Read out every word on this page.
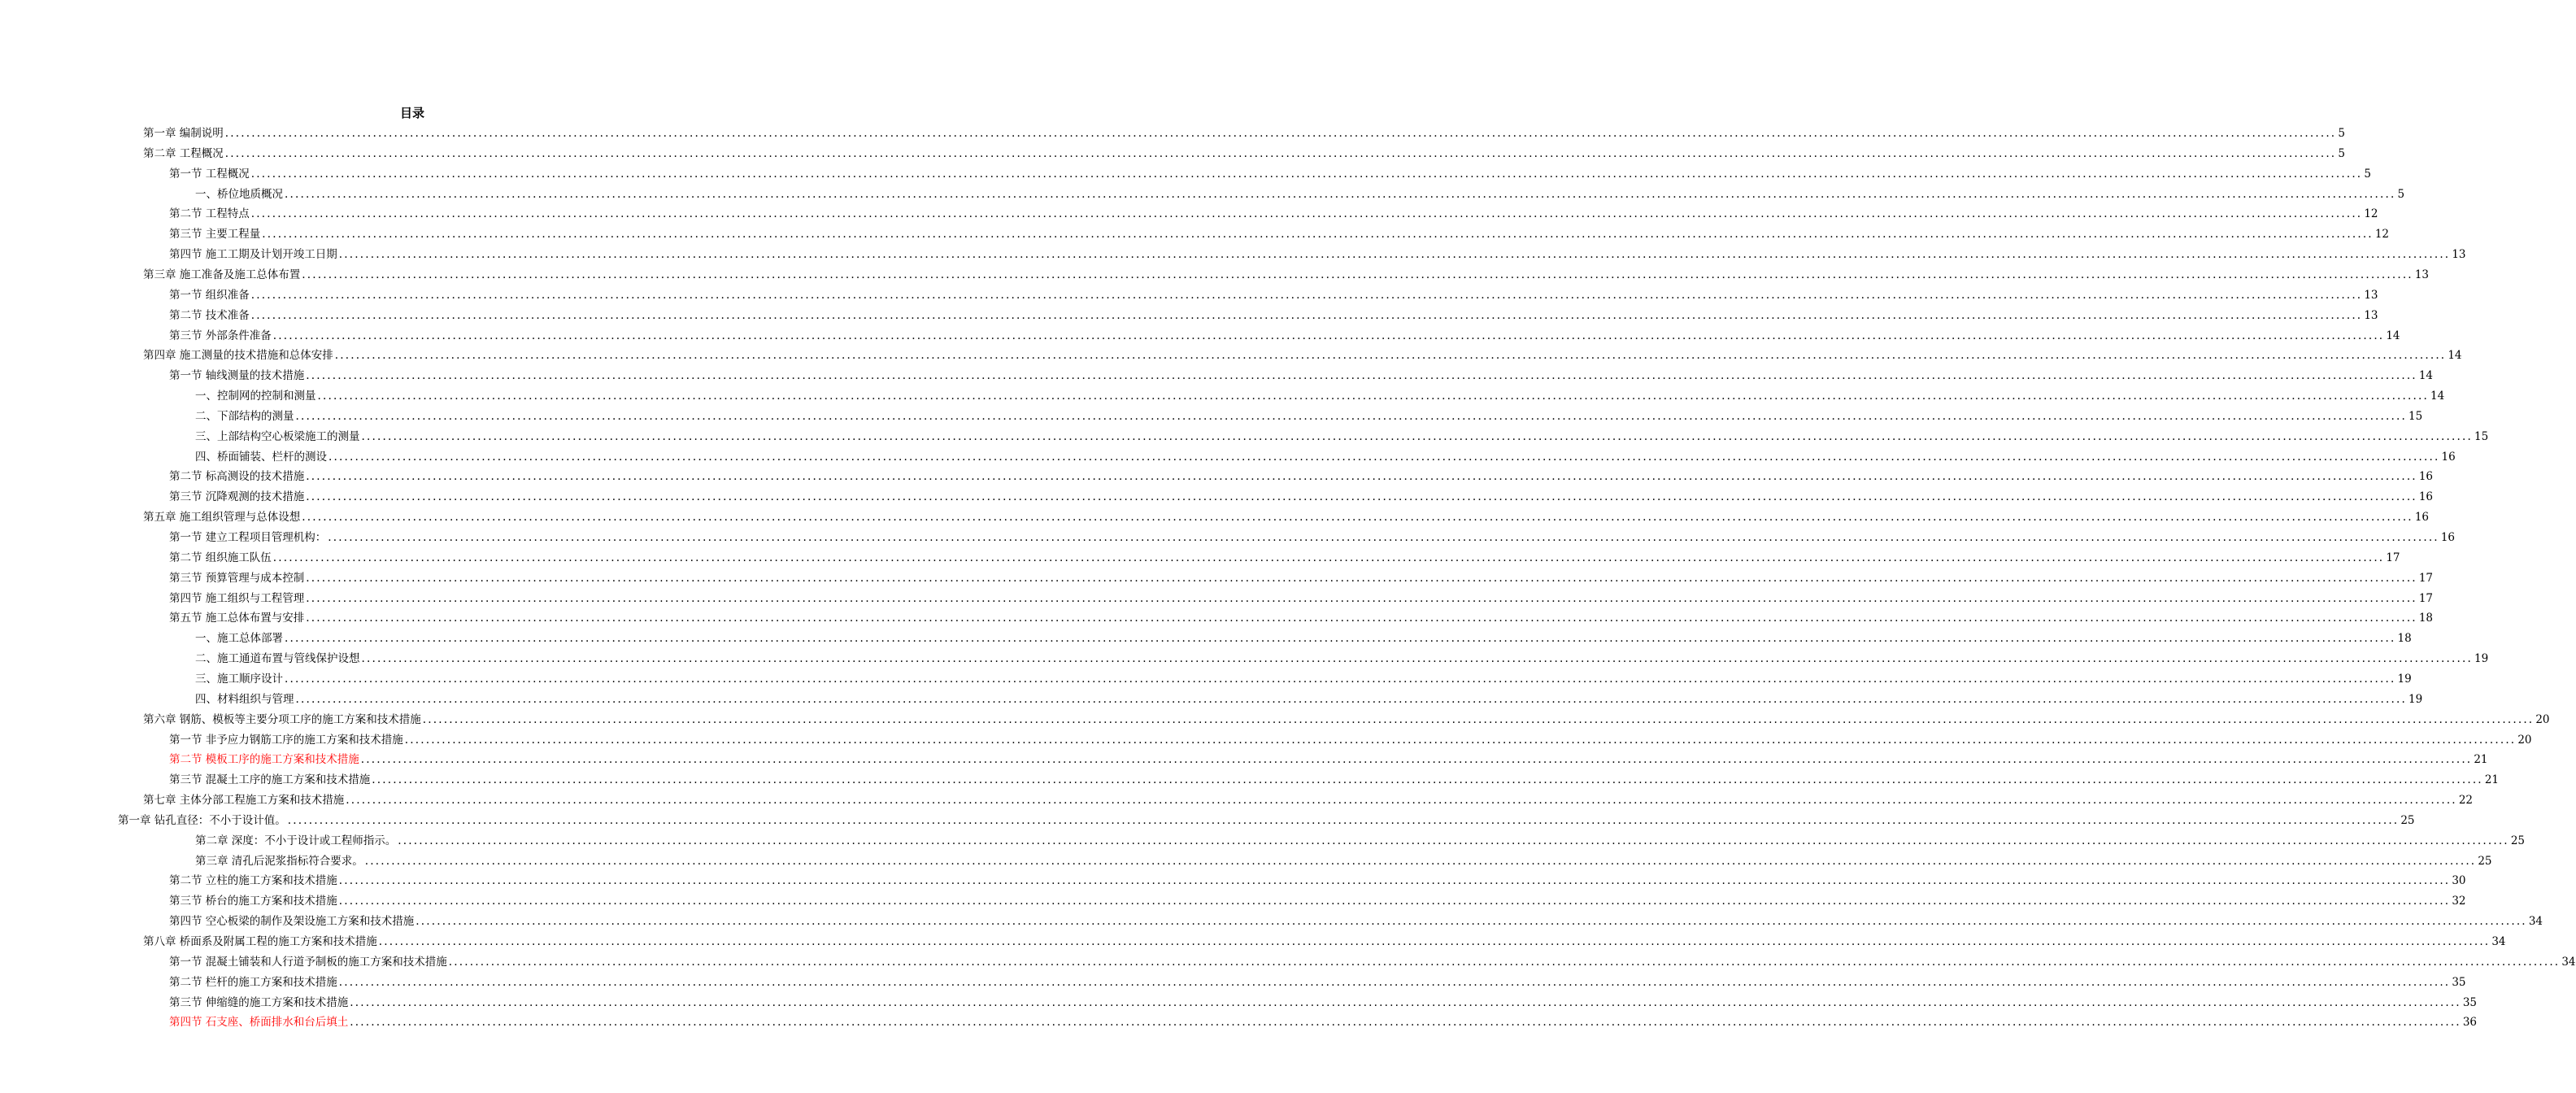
目录
第一章 编制说明 ................................................................................................................................................................................................................................................................................................................................................................................................................ 5
第二章 工程概况 ................................................................................................................................................................................................................................................................................................................................................................................................................ 5
第一节 工程概况 ................................................................................................................................................................................................................................................................................................................................................................................................................ 5
一、桥位地质概况 ................................................................................................................................................................................................................................................................................................................................................................................................................ 5
第二节 工程特点 ................................................................................................................................................................................................................................................................................................................................................................................................................ 12
第三节 主要工程量 ................................................................................................................................................................................................................................................................................................................................................................................................................ 12
第四节 施工工期及计划开竣工日期 ................................................................................................................................................................................................................................................................................................................................................................................................................ 13
第三章 施工准备及施工总体布置 ................................................................................................................................................................................................................................................................................................................................................................................................................ 13
第一节 组织准备 ................................................................................................................................................................................................................................................................................................................................................................................................................ 13
第二节 技术准备 ................................................................................................................................................................................................................................................................................................................................................................................................................ 13
第三节 外部条件准备 ................................................................................................................................................................................................................................................................................................................................................................................................................ 14
第四章 施工测量的技术措施和总体安排 ................................................................................................................................................................................................................................................................................................................................................................................................................ 14
第一节 轴线测量的技术措施 ................................................................................................................................................................................................................................................................................................................................................................................................................ 14
一、控制网的控制和测量 ................................................................................................................................................................................................................................................................................................................................................................................................................ 14
二、下部结构的测量 ................................................................................................................................................................................................................................................................................................................................................................................................................ 15
三、上部结构空心板梁施工的测量 ................................................................................................................................................................................................................................................................................................................................................................................................................ 15
四、桥面铺装、栏杆的测设 ................................................................................................................................................................................................................................................................................................................................................................................................................ 16
第二节 标高测设的技术措施 ................................................................................................................................................................................................................................................................................................................................................................................................................ 16
第三节 沉降观测的技术措施 ................................................................................................................................................................................................................................................................................................................................................................................................................ 16
第五章 施工组织管理与总体设想 ................................................................................................................................................................................................................................................................................................................................................................................................................ 16
第一节 建立工程项目管理机构： ................................................................................................................................................................................................................................................................................................................................................................................................................ 16
第二节 组织施工队伍 ................................................................................................................................................................................................................................................................................................................................................................................................................ 17
第三节 预算管理与成本控制 ................................................................................................................................................................................................................................................................................................................................................................................................................ 17
第四节 施工组织与工程管理 ................................................................................................................................................................................................................................................................................................................................................................................................................ 17
第五节 施工总体布置与安排 ................................................................................................................................................................................................................................................................................................................................................................................................................ 18
一、施工总体部署 ................................................................................................................................................................................................................................................................................................................................................................................................................ 18
二、施工通道布置与管线保护设想 ................................................................................................................................................................................................................................................................................................................................................................................................................ 19
三、施工顺序设计 ................................................................................................................................................................................................................................................................................................................................................................................................................ 19
四、材料组织与管理 ................................................................................................................................................................................................................................................................................................................................................................................................................ 19
第六章 钢筋、模板等主要分项工序的施工方案和技术措施 ................................................................................................................................................................................................................................................................................................................................................................................................................ 20
第一节 非予应力钢筋工序的施工方案和技术措施 ................................................................................................................................................................................................................................................................................................................................................................................................................ 20
第二节 模板工序的施工方案和技术措施 ................................................................................................................................................................................................................................................................................................................................................................................................................ 21
第三节 混凝土工序的施工方案和技术措施 ................................................................................................................................................................................................................................................................................................................................................................................................................ 21
第七章 主体分部工程施工方案和技术措施 ................................................................................................................................................................................................................................................................................................................................................................................................................ 22
第一章 钻孔直径：不小于设计值。 ................................................................................................................................................................................................................................................................................................................................................................................................................ 25
第二章 深度：不小于设计或工程师指示。 ................................................................................................................................................................................................................................................................................................................................................................................................................ 25
第三章 清孔后泥浆指标符合要求。 ................................................................................................................................................................................................................................................................................................................................................................................................................ 25
第二节 立柱的施工方案和技术措施 ................................................................................................................................................................................................................................................................................................................................................................................................................ 30
第三节 桥台的施工方案和技术措施 ................................................................................................................................................................................................................................................................................................................................................................................................................ 32
第四节 空心板梁的制作及架设施工方案和技术措施 ................................................................................................................................................................................................................................................................................................................................................................................................................ 34
第八章 桥面系及附属工程的施工方案和技术措施 ................................................................................................................................................................................................................................................................................................................................................................................................................ 34
第一节 混凝土铺装和人行道予制板的施工方案和技术措施 ................................................................................................................................................................................................................................................................................................................................................................................................................ 34
第二节 栏杆的施工方案和技术措施 ................................................................................................................................................................................................................................................................................................................................................................................................................ 35
第三节 伸缩缝的施工方案和技术措施 ................................................................................................................................................................................................................................................................................................................................................................................................................ 35
第四节 石支座、桥面排水和台后填土 ................................................................................................................................................................................................................................................................................................................................................................................................................ 36
